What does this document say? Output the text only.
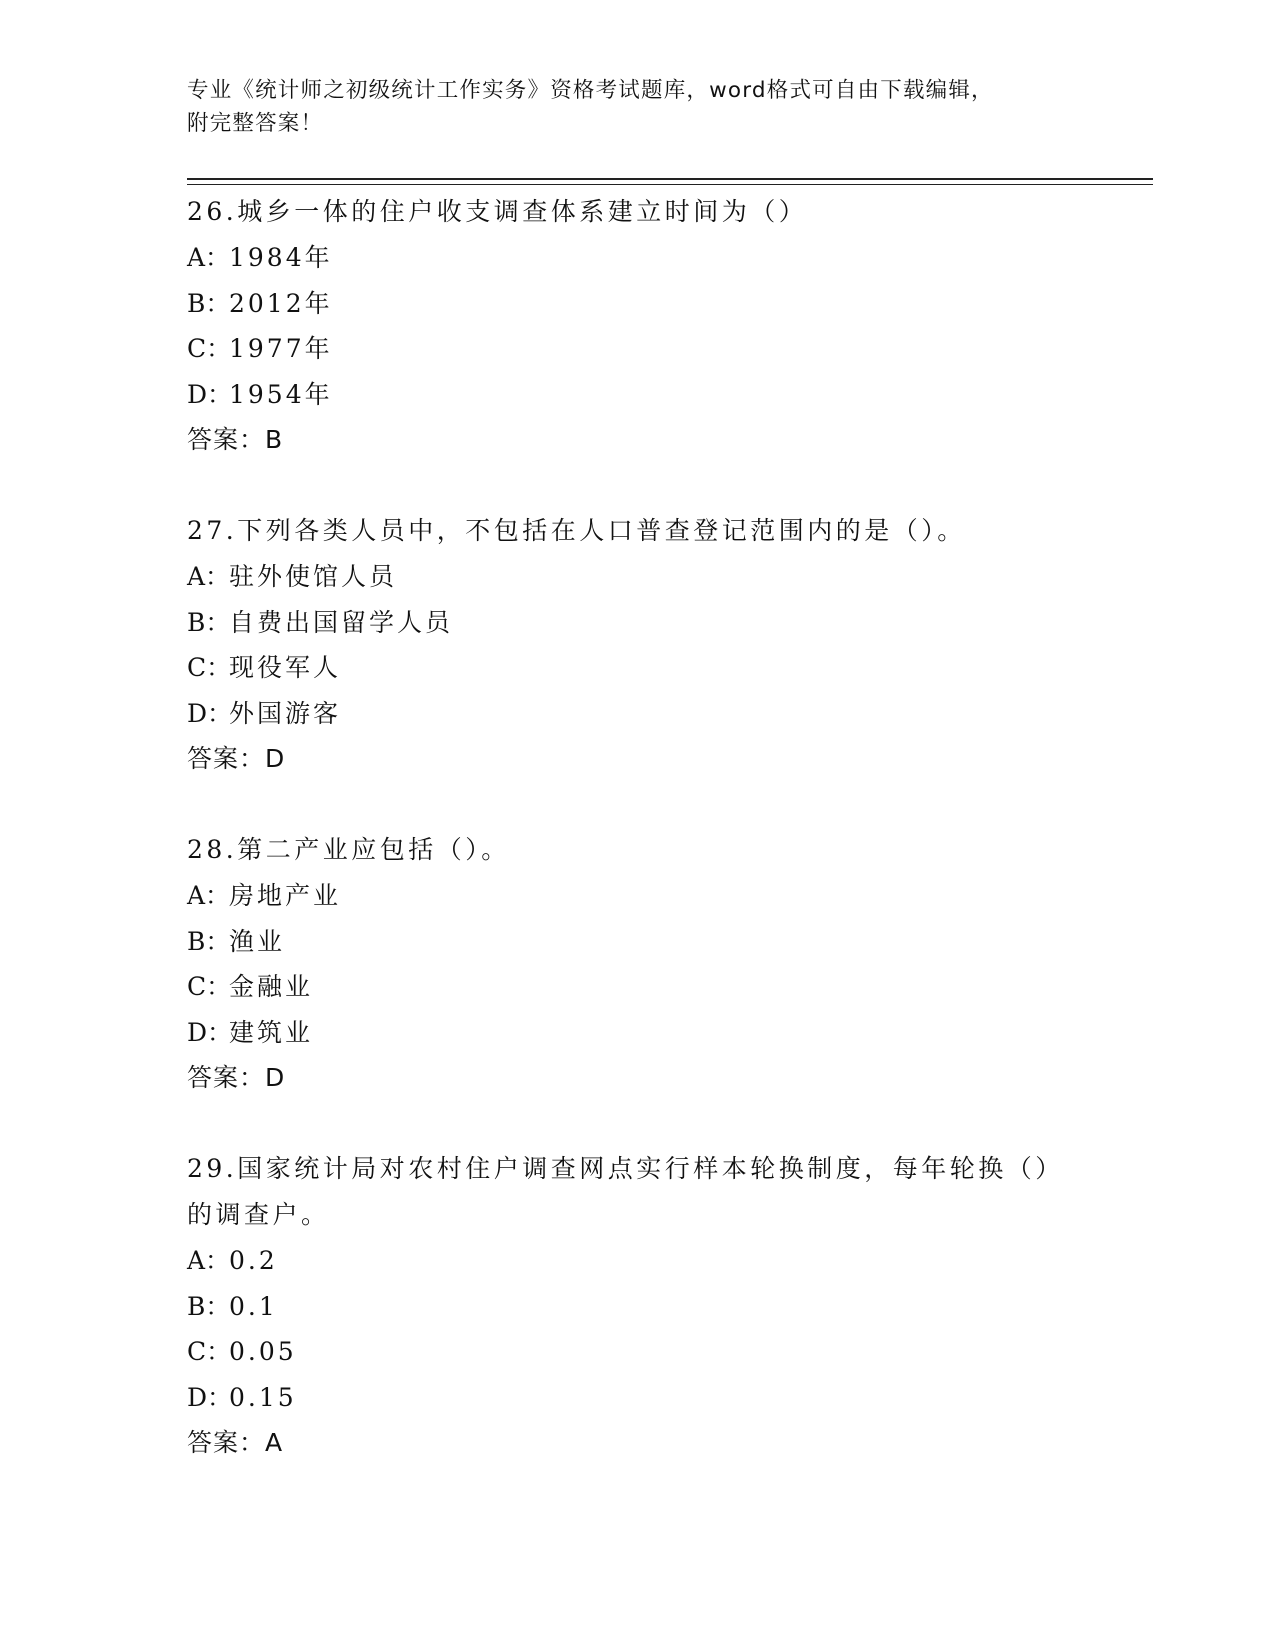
专业《统计师之初级统计工作实务》资格考试题库，word格式可自由下载编辑，
附完整答案！

26.城乡一体的住户收支调查体系建立时间为（）

A：1984年

B：2012年

C：1977年

D：1954年

答案：B

27.下列各类人员中，不包括在人口普查登记范围内的是（）。

A：驻外使馆人员

B：自费出国留学人员

C：现役军人

D：外国游客

答案：D

28.第二产业应包括（）。

A：房地产业

B：渔业

C：金融业

D：建筑业

答案：D

29.国家统计局对农村住户调查网点实行样本轮换制度，每年轮换（）的调查户。

A：0.2

B：0.1

C：0.05

D：0.15

答案：A
